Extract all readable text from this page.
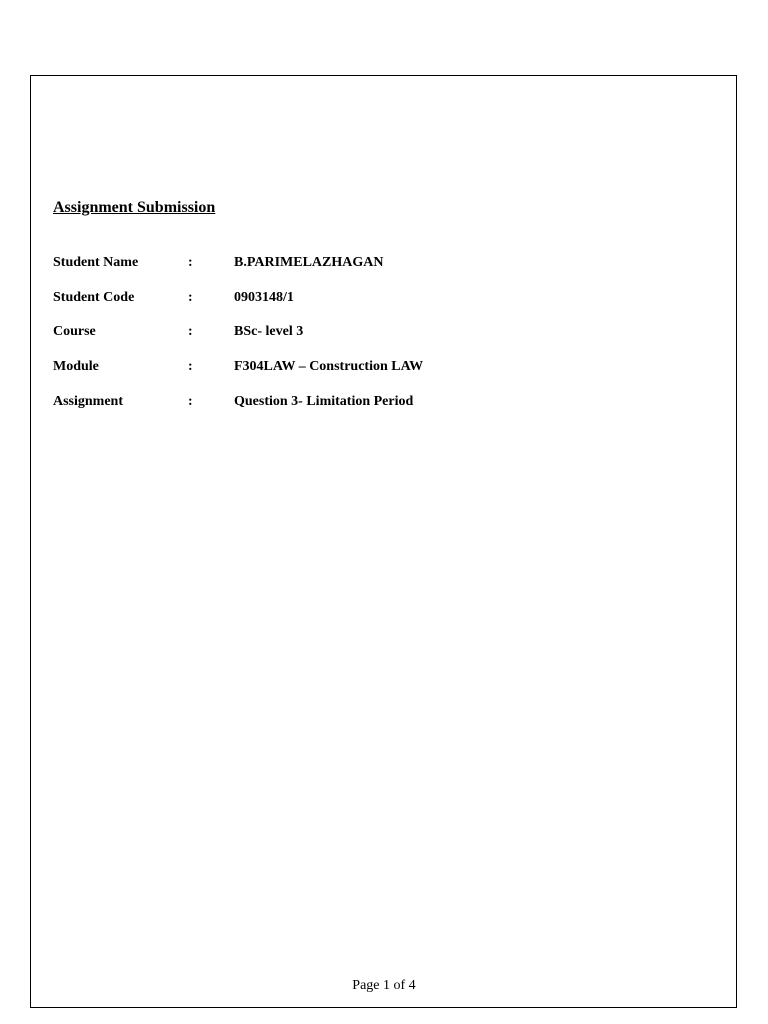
Assignment Submission
Student Name	:	B.PARIMELAZHAGAN
Student Code	:	0903148/1
Course	:	BSc- level 3
Module	:	F304LAW – Construction LAW
Assignment	:	Question 3- Limitation Period
Page 1 of 4
